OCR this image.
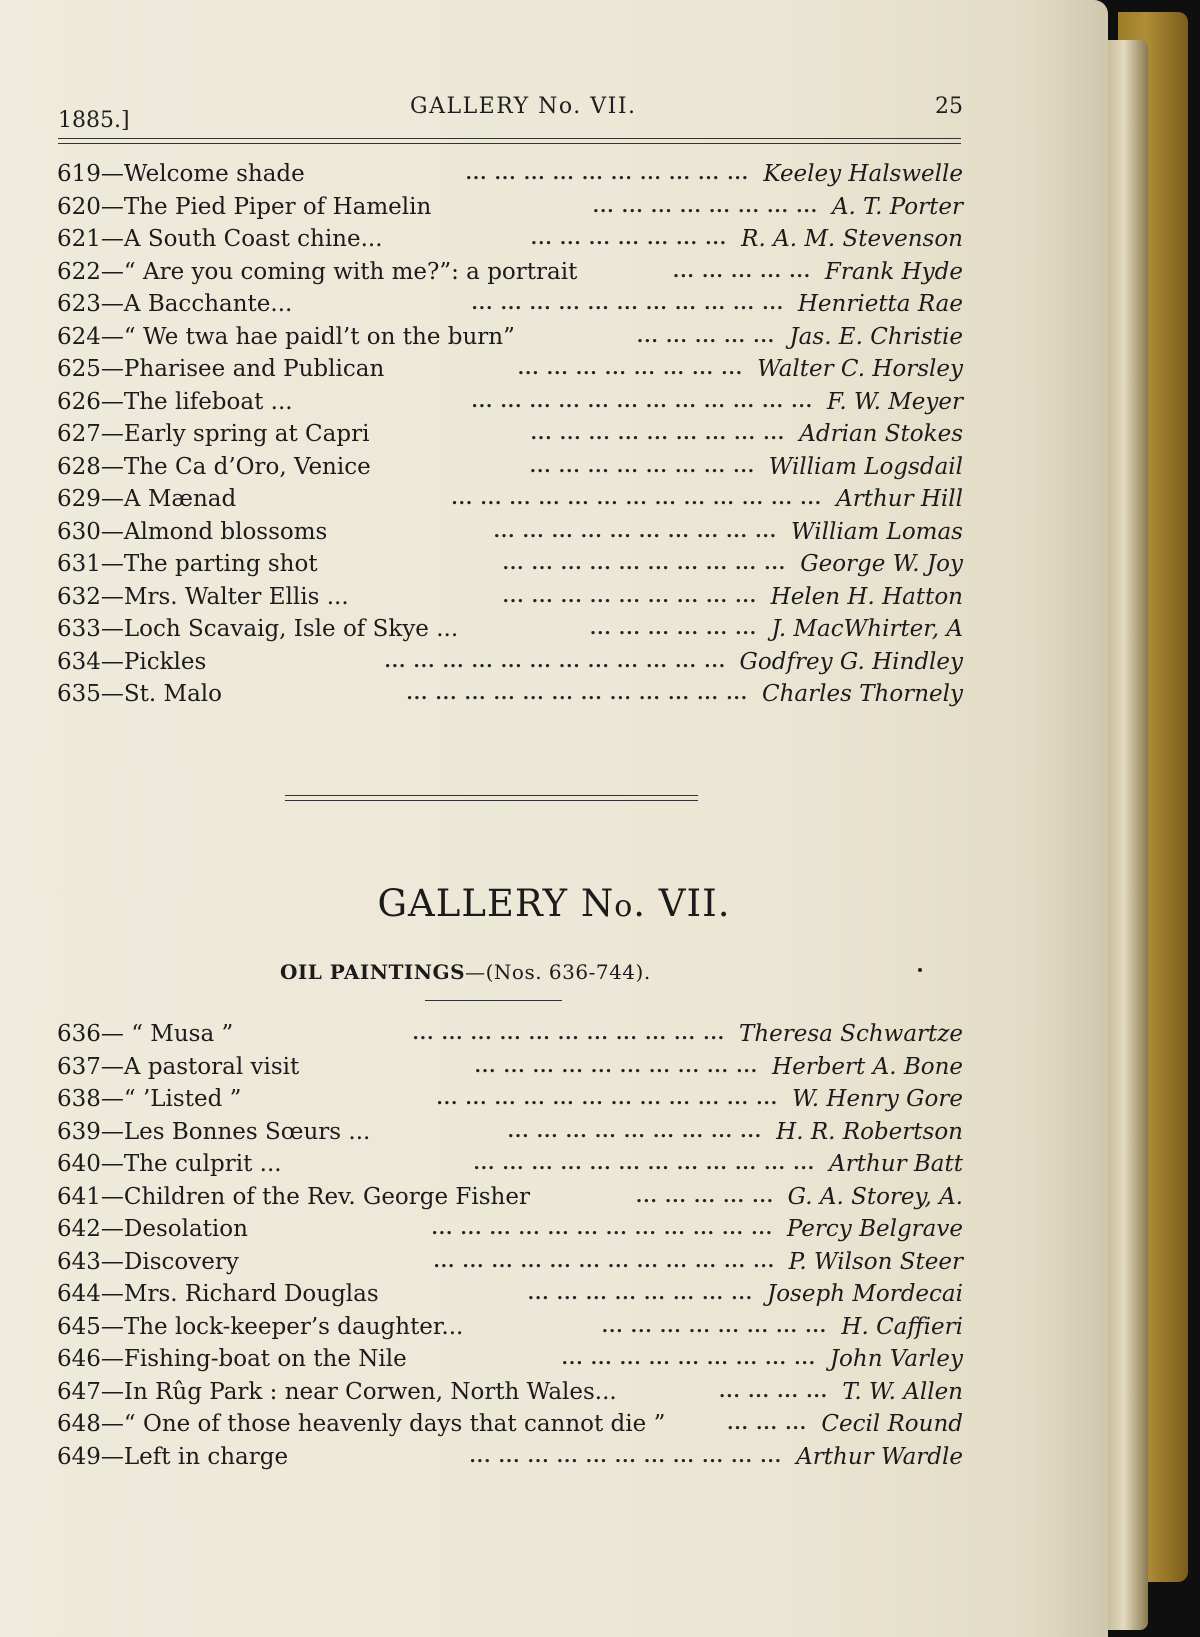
1885.]
GALLERY No. VII.	25
619—Welcome shade	... ... ... ... ... ... ... ... ... ... Keeley Halswelle
620—The Pied Piper of Hamelin	... ... ... ... ... ... ... ... A. T. Porter
621—A South Coast chine...	... ... ... ... ... ... ... R. A. M. Stevenson
622—“ Are you coming with me?”: a portrait	... ... ... ... ... Frank Hyde
623—A Bacchante...	... ... ... ... ... ... ... ... ... ... ... Henrietta Rae
624—“ We twa hae paidl’t on the burn”	... ... ... ... ... Jas. E. Christie
625—Pharisee and Publican	... ... ... ... ... ... ... ... Walter C. Horsley
626—The lifeboat ...	... ... ... ... ... ... ... ... ... ... ... ... F. W. Meyer
627—Early spring at Capri	... ... ... ... ... ... ... ... ... Adrian Stokes
628—The Ca d’Oro, Venice	... ... ... ... ... ... ... ... William Logsdail
629—A Mænad	... ... ... ... ... ... ... ... ... ... ... ... ... Arthur Hill
630—Almond blossoms	... ... ... ... ... ... ... ... ... ... William Lomas
631—The parting shot	... ... ... ... ... ... ... ... ... ... George W. Joy
632—Mrs. Walter Ellis ...	... ... ... ... ... ... ... ... ... Helen H. Hatton
633—Loch Scavaig, Isle of Skye ...	... ... ... ... ... ... J. MacWhirter, A
634—Pickles	... ... ... ... ... ... ... ... ... ... ... ... Godfrey G. Hindley
635—St. Malo	... ... ... ... ... ... ... ... ... ... ... ... Charles Thornely
GALLERY No. VII.
OIL PAINTINGS—(Nos. 636-744).
636— “ Musa ”	... ... ... ... ... ... ... ... ... ... ... Theresa Schwartze
637—A pastoral visit	... ... ... ... ... ... ... ... ... ... Herbert A. Bone
638—“ ’Listed ”	... ... ... ... ... ... ... ... ... ... ... ... W. Henry Gore
639—Les Bonnes Sœurs ...	... ... ... ... ... ... ... ... ... H. R. Robertson
640—The culprit ...	... ... ... ... ... ... ... ... ... ... ... ... Arthur Batt
641—Children of the Rev. George Fisher	... ... ... ... ... G. A. Storey, A.
642—Desolation	... ... ... ... ... ... ... ... ... ... ... ... Percy Belgrave
643—Discovery	... ... ... ... ... ... ... ... ... ... ... ... P. Wilson Steer
644—Mrs. Richard Douglas	... ... ... ... ... ... ... ... Joseph Mordecai
645—The lock-keeper’s daughter...	... ... ... ... ... ... ... ... H. Caffieri
646—Fishing-boat on the Nile	... ... ... ... ... ... ... ... ... John Varley
647—In Rûg Park : near Corwen, North Wales...	... ... ... ... T. W. Allen
648—“ One of those heavenly days that cannot die ”	... ... ... Cecil Round
649—Left in charge	... ... ... ... ... ... ... ... ... ... ... Arthur Wardle
